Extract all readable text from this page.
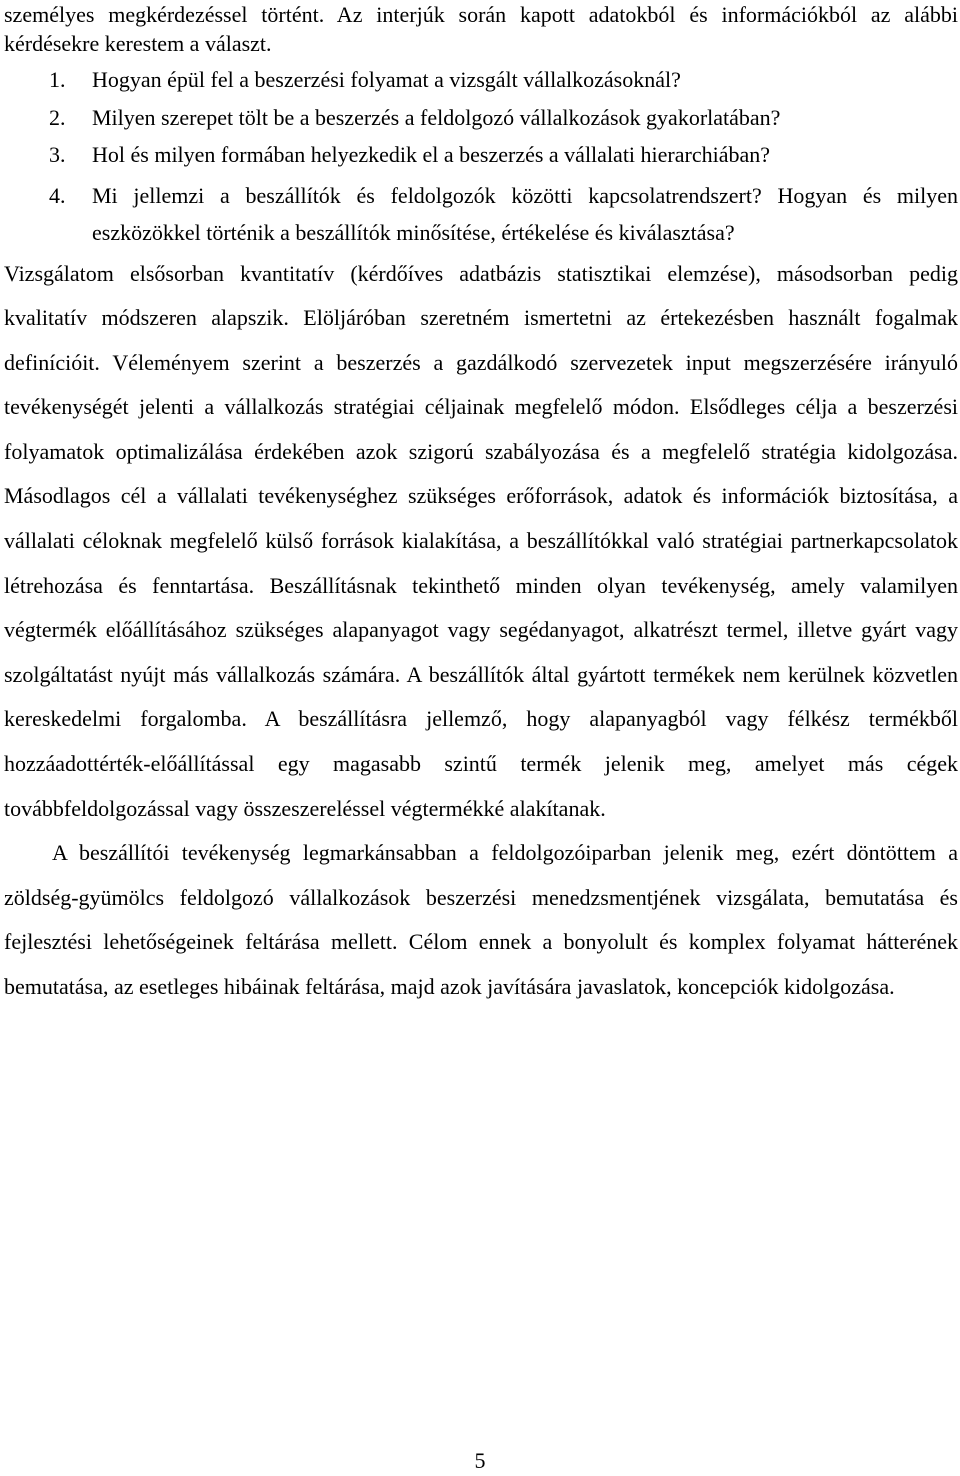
személyes megkérdezéssel történt. Az interjúk során kapott adatokból és információkból az alábbi kérdésekre kerestem a választ.

1. Hogyan épül fel a beszerzési folyamat a vizsgált vállalkozásoknál?
2. Milyen szerepet tölt be a beszerzés a feldolgozó vállalkozások gyakorlatában?
3. Hol és milyen formában helyezkedik el a beszerzés a vállalati hierarchiában?
4. Mi jellemzi a beszállítók és feldolgozók közötti kapcsolatrendszert? Hogyan és milyen eszközökkel történik a beszállítók minősítése, értékelése és kiválasztása?

Vizsgálatom elsősorban kvantitatív (kérdőíves adatbázis statisztikai elemzése), másodsorban pedig kvalitatív módszeren alapszik. Elöljáróban szeretném ismertetni az értekezésben használt fogalmak definícióit. Véleményem szerint a beszerzés a gazdálkodó szervezetek input megszerzésére irányuló tevékenységét jelenti a vállalkozás stratégiai céljainak megfelelő módon. Elsődleges célja a beszerzési folyamatok optimalizálása érdekében azok szigorú szabályozása és a megfelelő stratégia kidolgozása. Másodlagos cél a vállalati tevékenységhez szükséges erőforrások, adatok és információk biztosítása, a vállalati céloknak megfelelő külső források kialakítása, a beszállítókkal való stratégiai partnerkapcsolatok létrehozása és fenntartása. Beszállításnak tekinthető minden olyan tevékenység, amely valamilyen végtermék előállításához szükséges alapanyagot vagy segédanyagot, alkatrészt termel, illetve gyárt vagy szolgáltatást nyújt más vállalkozás számára. A beszállítók által gyártott termékek nem kerülnek közvetlen kereskedelmi forgalomba. A beszállításra jellemző, hogy alapanyagból vagy félkész termékből hozzáadottérték-előállítással egy magasabb szintű termék jelenik meg, amelyet más cégek továbbfeldolgozással vagy összeszereléssel végtermékké alakítanak.

A beszállítói tevékenység legmarkánsabban a feldolgozóiparban jelenik meg, ezért döntöttem a zöldség-gyümölcs feldolgozó vállalkozások beszerzési menedzsmentjének vizsgálata, bemutatása és fejlesztési lehetőségeinek feltárása mellett. Célom ennek a bonyolult és komplex folyamat hátterének bemutatása, az esetleges hibáinak feltárása, majd azok javítására javaslatok, koncepciók kidolgozása.

5
